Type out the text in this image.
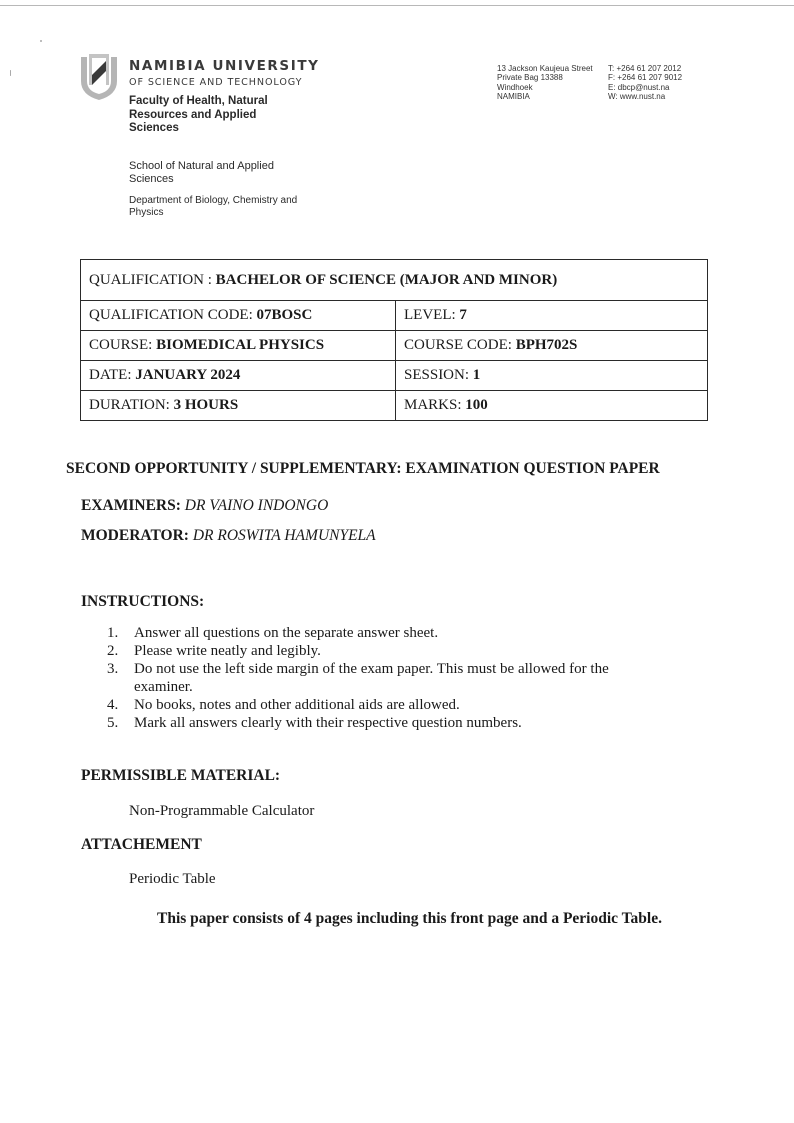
NAMIBIA UNIVERSITY
OF SCIENCE AND TECHNOLOGY
Faculty of Health, Natural Resources and Applied Sciences
School of Natural and Applied Sciences
Department of Biology, Chemistry and Physics
13 Jackson Kaujeua Street
Private Bag 13388
Windhoek
NAMIBIA
T: +264 61 207 2012
F: +264 61 207 9012
E: dbcp@nust.na
W: www.nust.na
QUALIFICATION : BACHELOR OF SCIENCE (MAJOR AND MINOR)	
QUALIFICATION CODE: 07BOSC	LEVEL: 7
COURSE: BIOMEDICAL PHYSICS	COURSE CODE: BPH702S
DATE: JANUARY 2024	SESSION: 1
DURATION: 3 HOURS	MARKS: 100
SECOND OPPORTUNITY / SUPPLEMENTARY: EXAMINATION QUESTION PAPER
EXAMINERS: DR VAINO INDONGO
MODERATOR: DR ROSWITA HAMUNYELA
INSTRUCTIONS:
1. Answer all questions on the separate answer sheet.
2. Please write neatly and legibly.
3. Do not use the left side margin of the exam paper. This must be allowed for the examiner.
4. No books, notes and other additional aids are allowed.
5. Mark all answers clearly with their respective question numbers.
PERMISSIBLE MATERIAL:
Non-Programmable Calculator
ATTACHEMENT
Periodic Table
This paper consists of 4 pages including this front page and a Periodic Table.
